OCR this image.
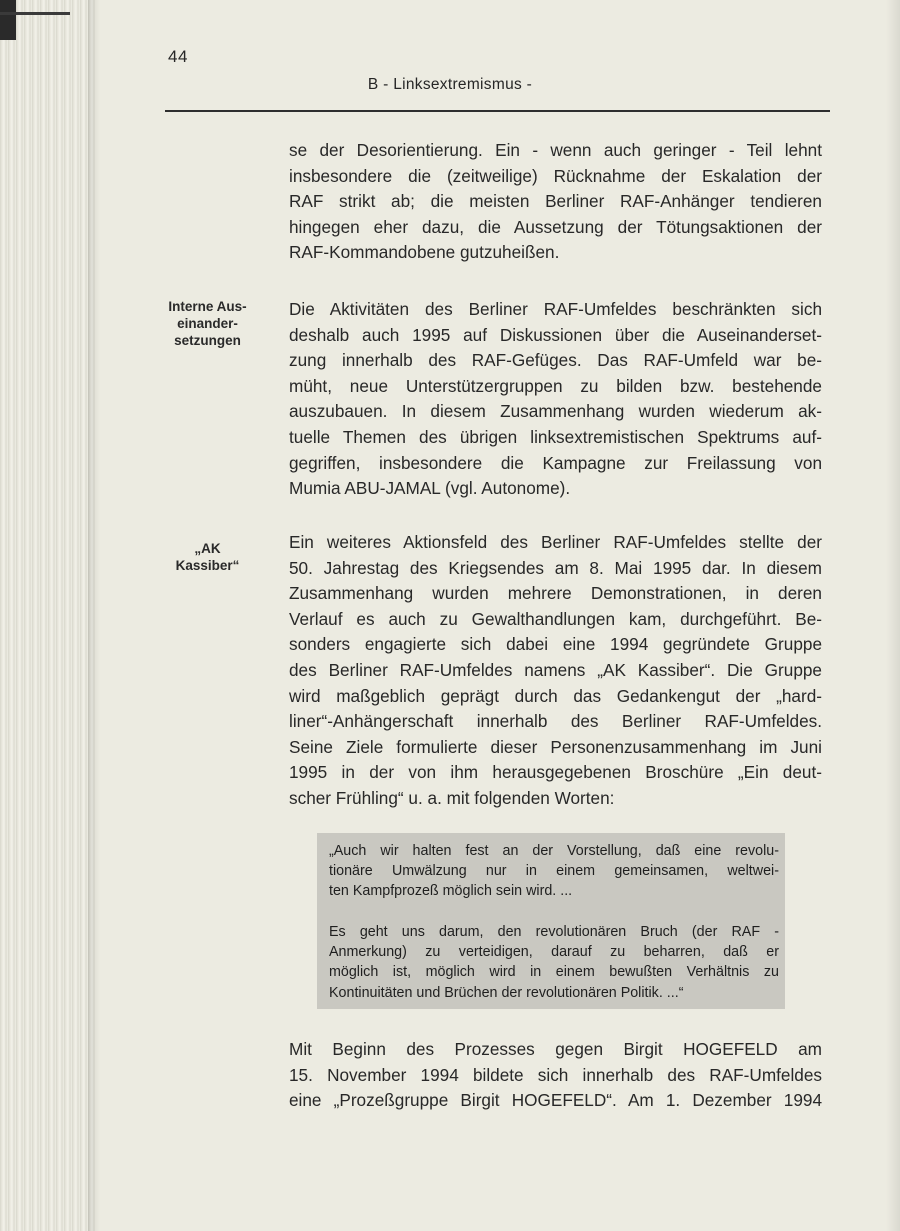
44
B - Linksextremismus -
se der Desorientierung. Ein - wenn auch geringer - Teil lehnt
insbesondere die (zeitweilige) Rücknahme der Eskalation der
RAF strikt ab; die meisten Berliner RAF-Anhänger tendieren
hingegen eher dazu, die Aussetzung der Tötungsaktionen der
RAF-Kommandobene gutzuheißen.
Interne Aus-
einander-
setzungen
Die Aktivitäten des Berliner RAF-Umfeldes beschränkten sich
deshalb auch 1995 auf Diskussionen über die Auseinanderset-
zung innerhalb des RAF-Gefüges. Das RAF-Umfeld war be-
müht, neue Unterstützergruppen zu bilden bzw. bestehende
auszubauen. In diesem Zusammenhang wurden wiederum ak-
tuelle Themen des übrigen linksextremistischen Spektrums auf-
gegriffen, insbesondere die Kampagne zur Freilassung von
Mumia ABU-JAMAL (vgl. Autonome).
„AK
Kassiber“
Ein weiteres Aktionsfeld des Berliner RAF-Umfeldes stellte der
50. Jahrestag des Kriegsendes am 8. Mai 1995 dar. In diesem
Zusammenhang wurden mehrere Demonstrationen, in deren
Verlauf es auch zu Gewalthandlungen kam, durchgeführt. Be-
sonders engagierte sich dabei eine 1994 gegründete Gruppe
des Berliner RAF-Umfeldes namens „AK Kassiber“. Die Gruppe
wird maßgeblich geprägt durch das Gedankengut der „hard-
liner“-Anhängerschaft innerhalb des Berliner RAF-Umfeldes.
Seine Ziele formulierte dieser Personenzusammenhang im Juni
1995 in der von ihm herausgegebenen Broschüre „Ein deut-
scher Frühling“ u. a. mit folgenden Worten:
„Auch wir halten fest an der Vorstellung, daß eine revolu-
tionäre Umwälzung nur in einem gemeinsamen, weltwei-
ten Kampfprozeß möglich sein wird. ...
Es geht uns darum, den revolutionären Bruch (der RAF -
Anmerkung) zu verteidigen, darauf zu beharren, daß er
möglich ist, möglich wird in einem bewußten Verhältnis zu
Kontinuitäten und Brüchen der revolutionären Politik. ...“
Mit Beginn des Prozesses gegen Birgit HOGEFELD am
15. November 1994 bildete sich innerhalb des RAF-Umfeldes
eine „Prozeßgruppe Birgit HOGEFELD“. Am 1. Dezember 1994
